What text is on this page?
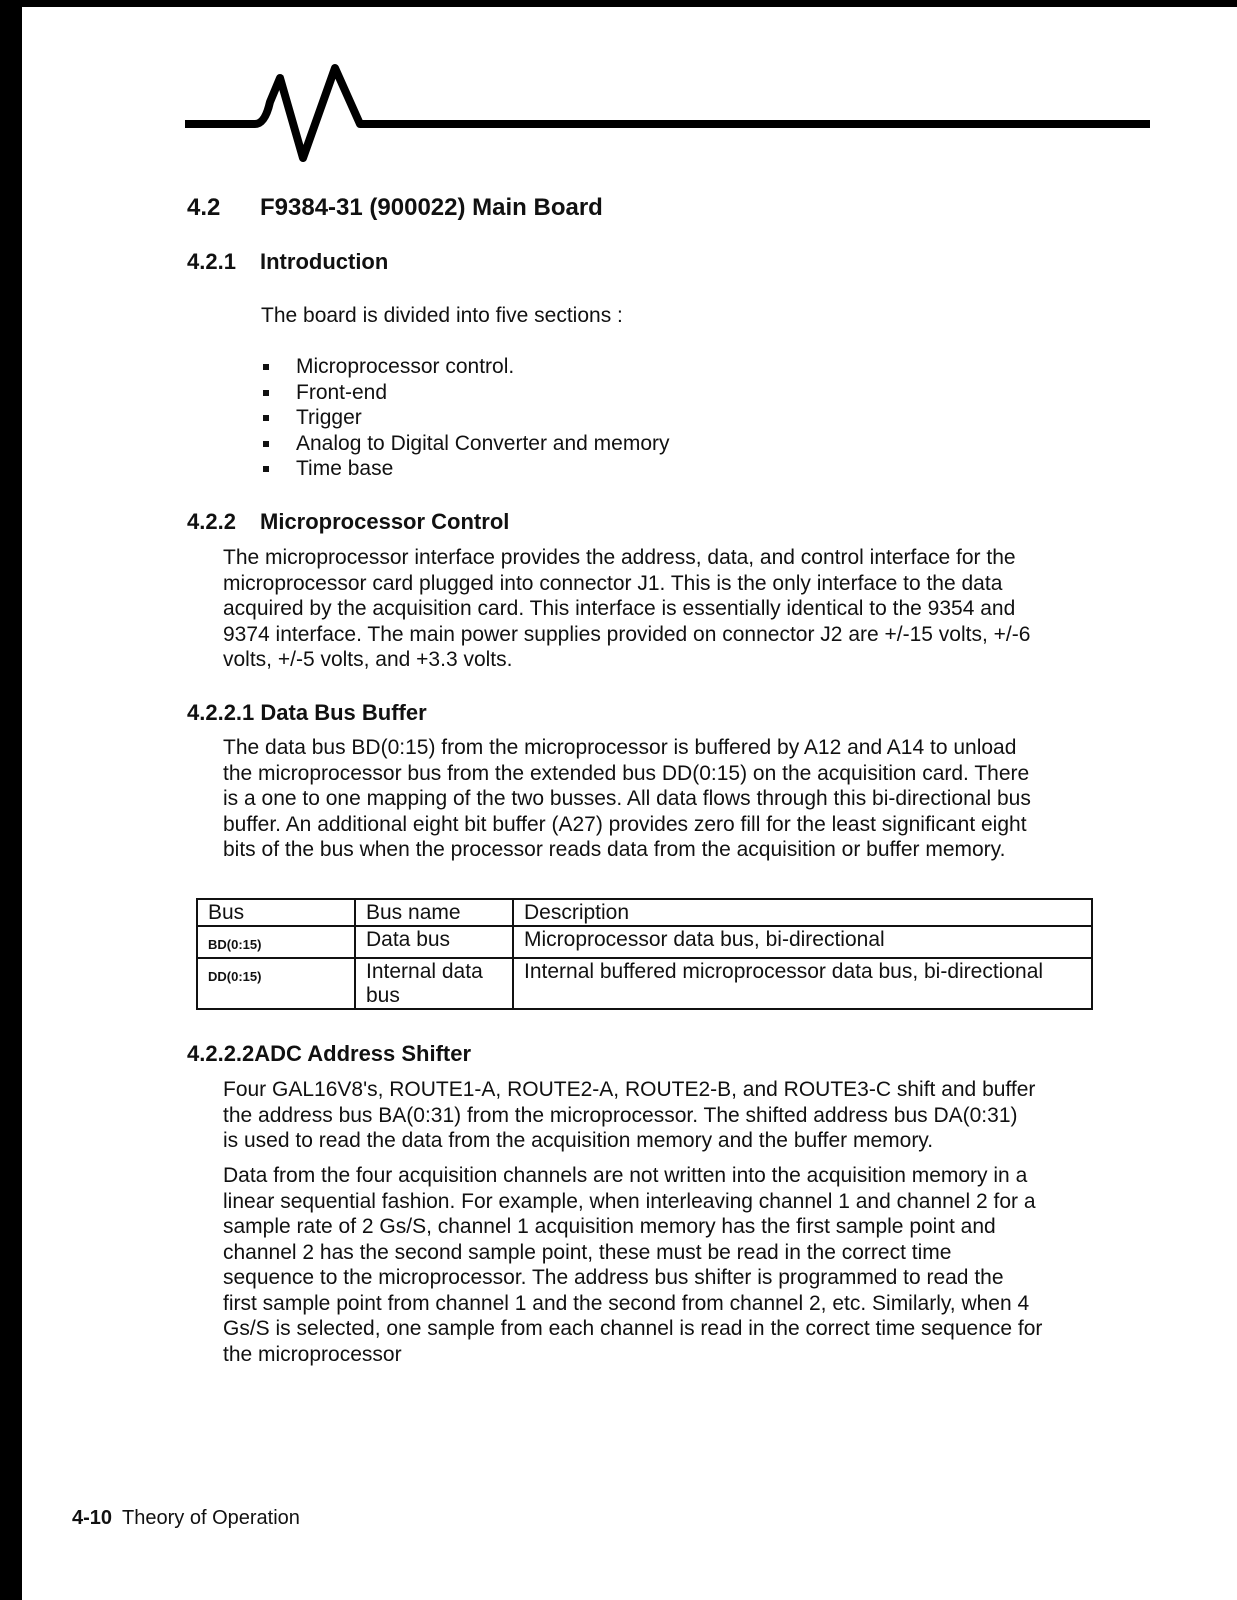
4.2 F9384-31 (900022) Main Board
4.2.1 Introduction

The board is divided into five sections :

Microprocessor control.
Front-end
Trigger
Analog to Digital Converter and memory
Time base
4.2.2 Microprocessor Control
The microprocessor interface provides the address, data, and control interface for the
microprocessor card plugged into connector J1. This is the only interface to the data
acquired by the acquisition card. This interface is essentially identical to the 9354 and
9374 interface. The main power supplies provided on connector J2 are +/-15 volts, +/-6
volts, +/-5 volts, and +3.3 volts.
4.2.2.1 Data Bus Buffer
The data bus BD(0:15) from the microprocessor is buffered by A12 and A14 to unload
the microprocessor bus from the extended bus DD(0:15) on the acquisition card. There
is a one to one mapping of the two busses. All data flows through this bi-directional bus
buffer. An additional eight bit buffer (A27) provides zero fill for the least significant eight
bits of the bus when the processor reads data from the acquisition or buffer memory.
Bus	Bus name	Description
BD(0:15)	Data bus	Microprocessor data bus, bi-directional
DD(0:15)	Internal data bus	Internal buffered microprocessor data bus, bi-directional
4.2.2.2ADC Address Shifter
Four GAL16V8's, ROUTE1-A, ROUTE2-A, ROUTE2-B, and ROUTE3-C shift and buffer
the address bus BA(0:31) from the microprocessor. The shifted address bus DA(0:31)
is used to read the data from the acquisition memory and the buffer memory.
Data from the four acquisition channels are not written into the acquisition memory in a
linear sequential fashion. For example, when interleaving channel 1 and channel 2 for a
sample rate of 2 Gs/S, channel 1 acquisition memory has the first sample point and
channel 2 has the second sample point, these must be read in the correct time
sequence to the microprocessor. The address bus shifter is programmed to read the
first sample point from channel 1 and the second from channel 2, etc. Similarly, when 4
Gs/S is selected, one sample from each channel is read in the correct time sequence for
the microprocessor
4-10 Theory of Operation
